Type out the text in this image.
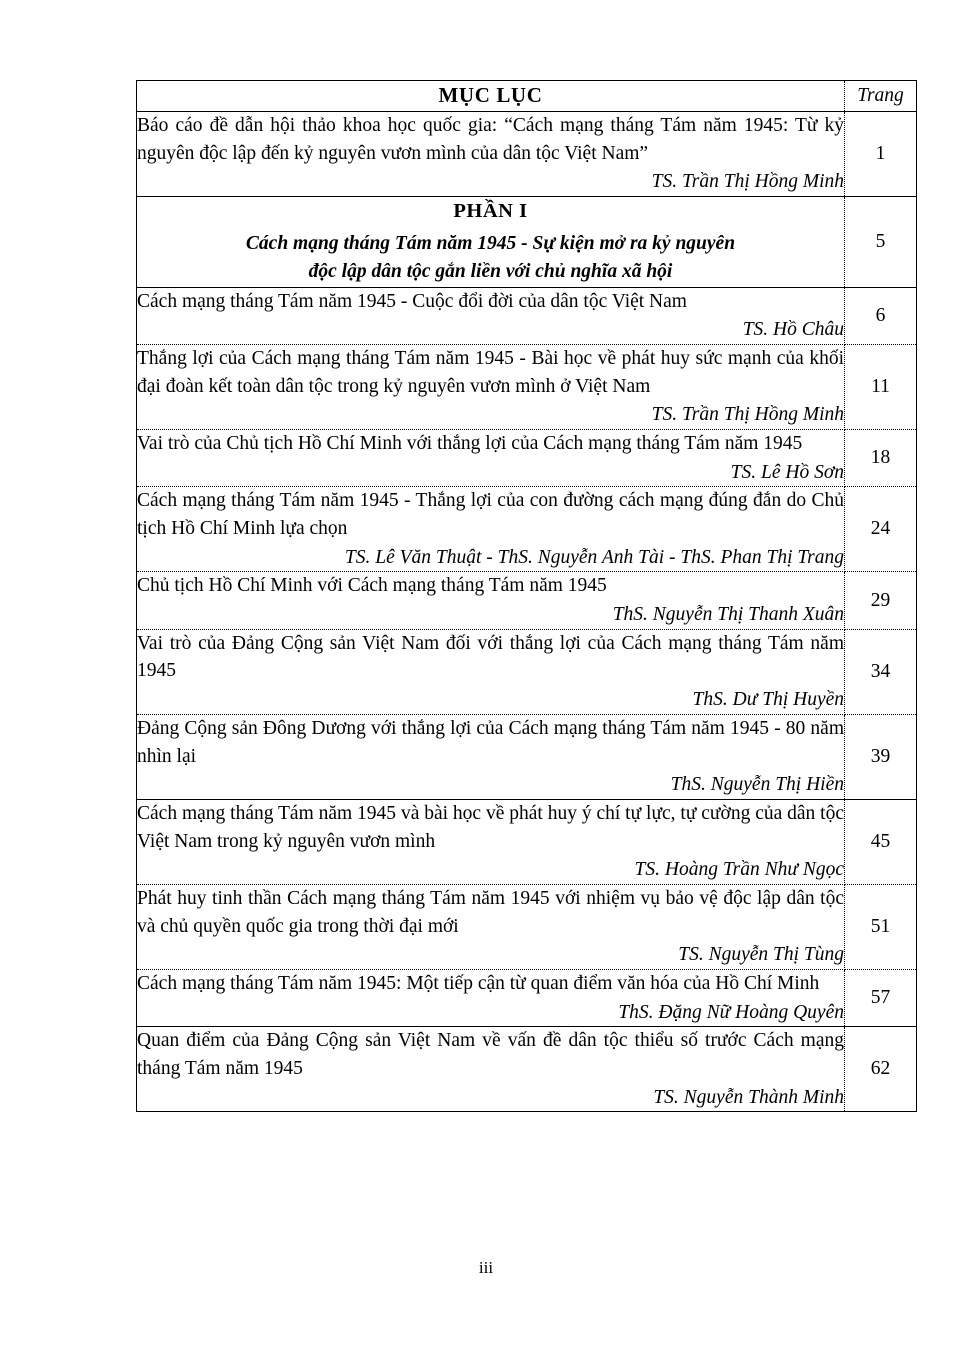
MỤC LỤC	Trang
Báo cáo đề dẫn hội thảo khoa học quốc gia: “Cách mạng tháng Tám năm 1945: Từ kỷ nguyên độc lập đến kỷ nguyên vươn mình của dân tộc Việt Nam”
TS. Trần Thị Hồng Minh	1

PHẦN I
Cách mạng tháng Tám năm 1945 - Sự kiện mở ra kỷ nguyên
độc lập dân tộc gắn liền với chủ nghĩa xã hội	5
Cách mạng tháng Tám năm 1945 - Cuộc đổi đời của dân tộc Việt Nam
TS. Hồ Châu	6
Thắng lợi của Cách mạng tháng Tám năm 1945 - Bài học về phát huy sức mạnh của khối đại đoàn kết toàn dân tộc trong kỷ nguyên vươn mình ở Việt Nam
TS. Trần Thị Hồng Minh	11
Vai trò của Chủ tịch Hồ Chí Minh với thắng lợi của Cách mạng tháng Tám năm 1945
TS. Lê Hồ Sơn	18
Cách mạng tháng Tám năm 1945 - Thắng lợi của con đường cách mạng đúng đắn do Chủ tịch Hồ Chí Minh lựa chọn
TS. Lê Văn Thuật - ThS. Nguyễn Anh Tài - ThS. Phan Thị Trang	24
Chủ tịch Hồ Chí Minh với Cách mạng tháng Tám năm 1945
ThS. Nguyễn Thị Thanh Xuân	29
Vai trò của Đảng Cộng sản Việt Nam đối với thắng lợi của Cách mạng tháng Tám năm 1945
ThS. Dư Thị Huyền	34
Đảng Cộng sản Đông Dương với thắng lợi của Cách mạng tháng Tám năm 1945 - 80 năm nhìn lại
ThS. Nguyễn Thị Hiền	39
Cách mạng tháng Tám năm 1945 và bài học về phát huy ý chí tự lực, tự cường của dân tộc Việt Nam trong kỷ nguyên vươn mình
TS. Hoàng Trần Như Ngọc	45
Phát huy tinh thần Cách mạng tháng Tám năm 1945 với nhiệm vụ bảo vệ độc lập dân tộc và chủ quyền quốc gia trong thời đại mới
TS. Nguyễn Thị Tùng	51
Cách mạng tháng Tám năm 1945: Một tiếp cận từ quan điểm văn hóa của Hồ Chí Minh
ThS. Đặng Nữ Hoàng Quyên	57
Quan điểm của Đảng Cộng sản Việt Nam về vấn đề dân tộc thiểu số trước Cách mạng tháng Tám năm 1945
TS. Nguyễn Thành Minh	62
iii
